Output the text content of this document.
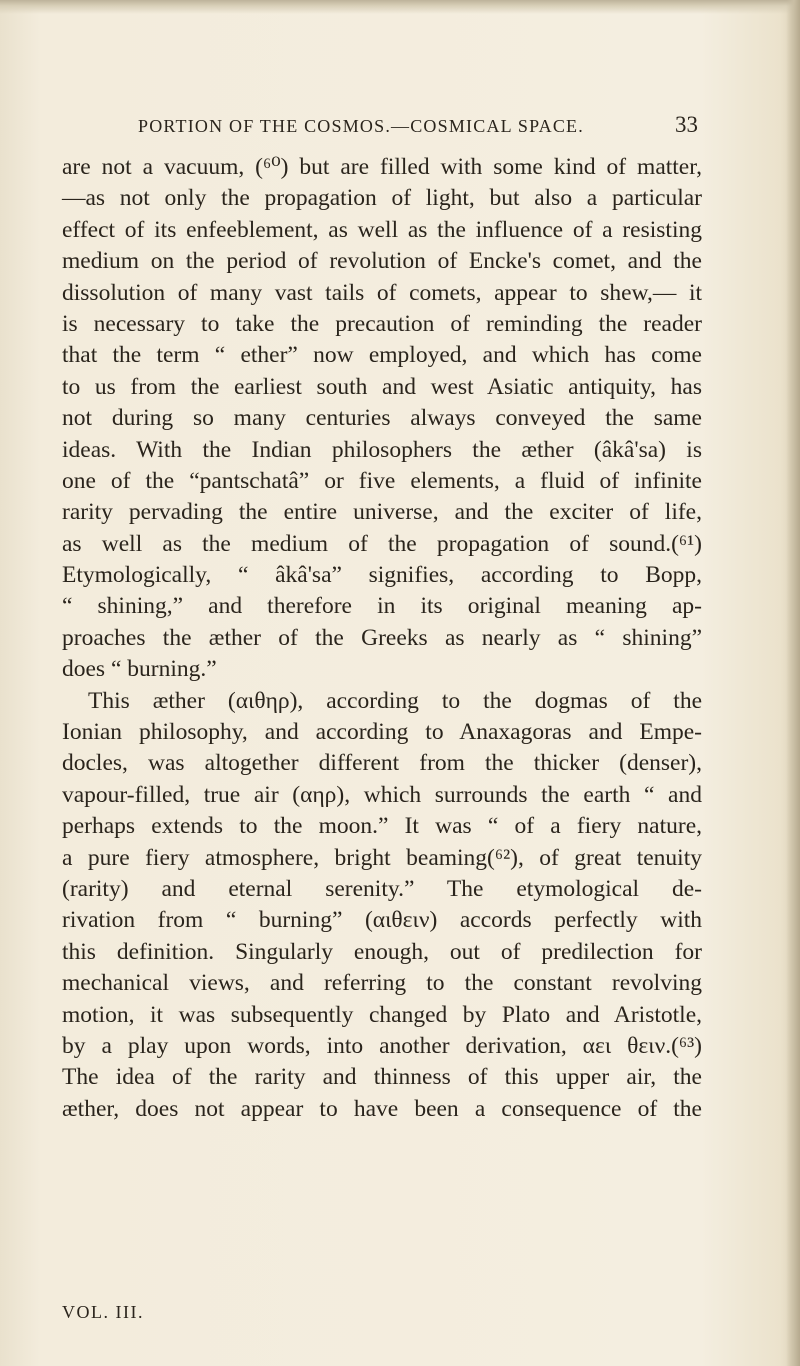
PORTION OF THE COSMOS.—COSMICAL SPACE.	33
are not a vacuum, (⁶⁰) but are filled with some kind of matter,
—as not only the propagation of light, but also a particular
effect of its enfeeblement, as well as the influence of a resisting
medium on the period of revolution of Encke's comet, and the
dissolution of many vast tails of comets, appear to shew,— it
is necessary to take the precaution of reminding the reader
that the term “ ether” now employed, and which has come
to us from the earliest south and west Asiatic antiquity, has
not during so many centuries always conveyed the same
ideas. With the Indian philosophers the æther (âkâ'sa) is
one of the “pantschatâ” or five elements, a fluid of infinite
rarity pervading the entire universe, and the exciter of life,
as well as the medium of the propagation of sound.(⁶¹)
Etymologically, “ âkâ'sa” signifies, according to Bopp,
“ shining,” and therefore in its original meaning ap-
proaches the æther of the Greeks as nearly as “ shining”
does “ burning.”
This æther (αιθηρ), according to the dogmas of the
Ionian philosophy, and according to Anaxagoras and Empe-
docles, was altogether different from the thicker (denser),
vapour-filled, true air (αηρ), which surrounds the earth “ and
perhaps extends to the moon.” It was “ of a fiery nature,
a pure fiery atmosphere, bright beaming(⁶²), of great tenuity
(rarity) and eternal serenity.” The etymological de-
rivation from “ burning” (αιθειν) accords perfectly with
this definition. Singularly enough, out of predilection for
mechanical views, and referring to the constant revolving
motion, it was subsequently changed by Plato and Aristotle,
by a play upon words, into another derivation, αει θειν.(⁶³)
The idea of the rarity and thinness of this upper air, the
æther, does not appear to have been a consequence of the
VOL. III.
